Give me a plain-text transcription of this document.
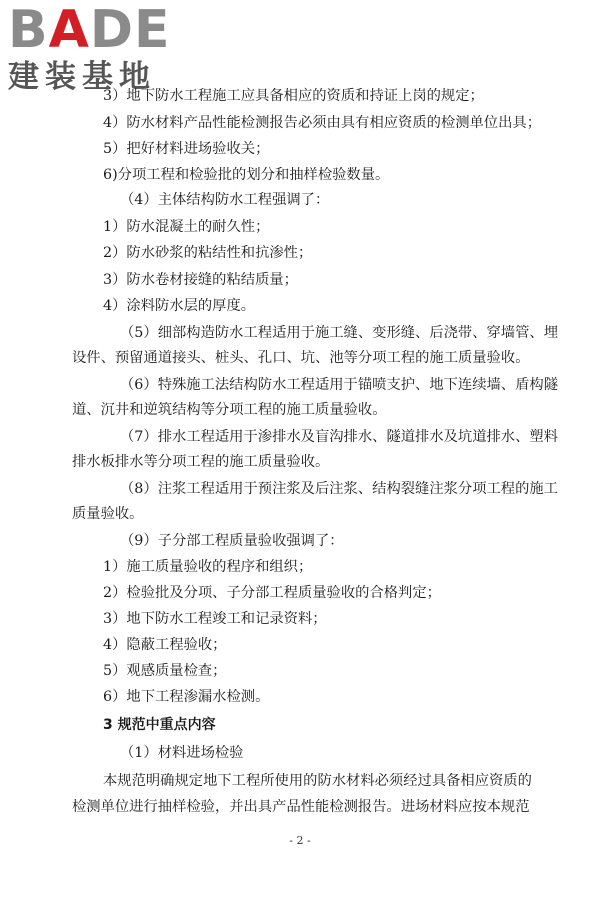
BADE
建装基地
3）地下防水工程施工应具备相应的资质和持证上岗的规定；
4）防水材料产品性能检测报告必须由具有相应资质的检测单位出具；
5）把好材料进场验收关；
6)分项工程和检验批的划分和抽样检验数量。
（4）主体结构防水工程强调了：
1）防水混凝土的耐久性；
2）防水砂浆的粘结性和抗渗性；
3）防水卷材接缝的粘结质量；
4）涂料防水层的厚度。
（5）细部构造防水工程适用于施工缝、变形缝、后浇带、穿墙管、埋
设件、预留通道接头、桩头、孔口、坑、池等分项工程的施工质量验收。
（6）特殊施工法结构防水工程适用于锚喷支护、地下连续墙、盾构隧
道、沉井和逆筑结构等分项工程的施工质量验收。
（7）排水工程适用于渗排水及盲沟排水、隧道排水及坑道排水、塑料
排水板排水等分项工程的施工质量验收。
（8）注浆工程适用于预注浆及后注浆、结构裂缝注浆分项工程的施工
质量验收。
（9）子分部工程质量验收强调了：
1）施工质量验收的程序和组织；
2）检验批及分项、子分部工程质量验收的合格判定；
3）地下防水工程竣工和记录资料；
4）隐蔽工程验收；
5）观感质量检查；
6）地下工程渗漏水检测。
3 规范中重点内容
（1）材料进场检验
本规范明确规定地下工程所使用的防水材料必须经过具备相应资质的
检测单位进行抽样检验，并出具产品性能检测报告。进场材料应按本规范
- 2 -
